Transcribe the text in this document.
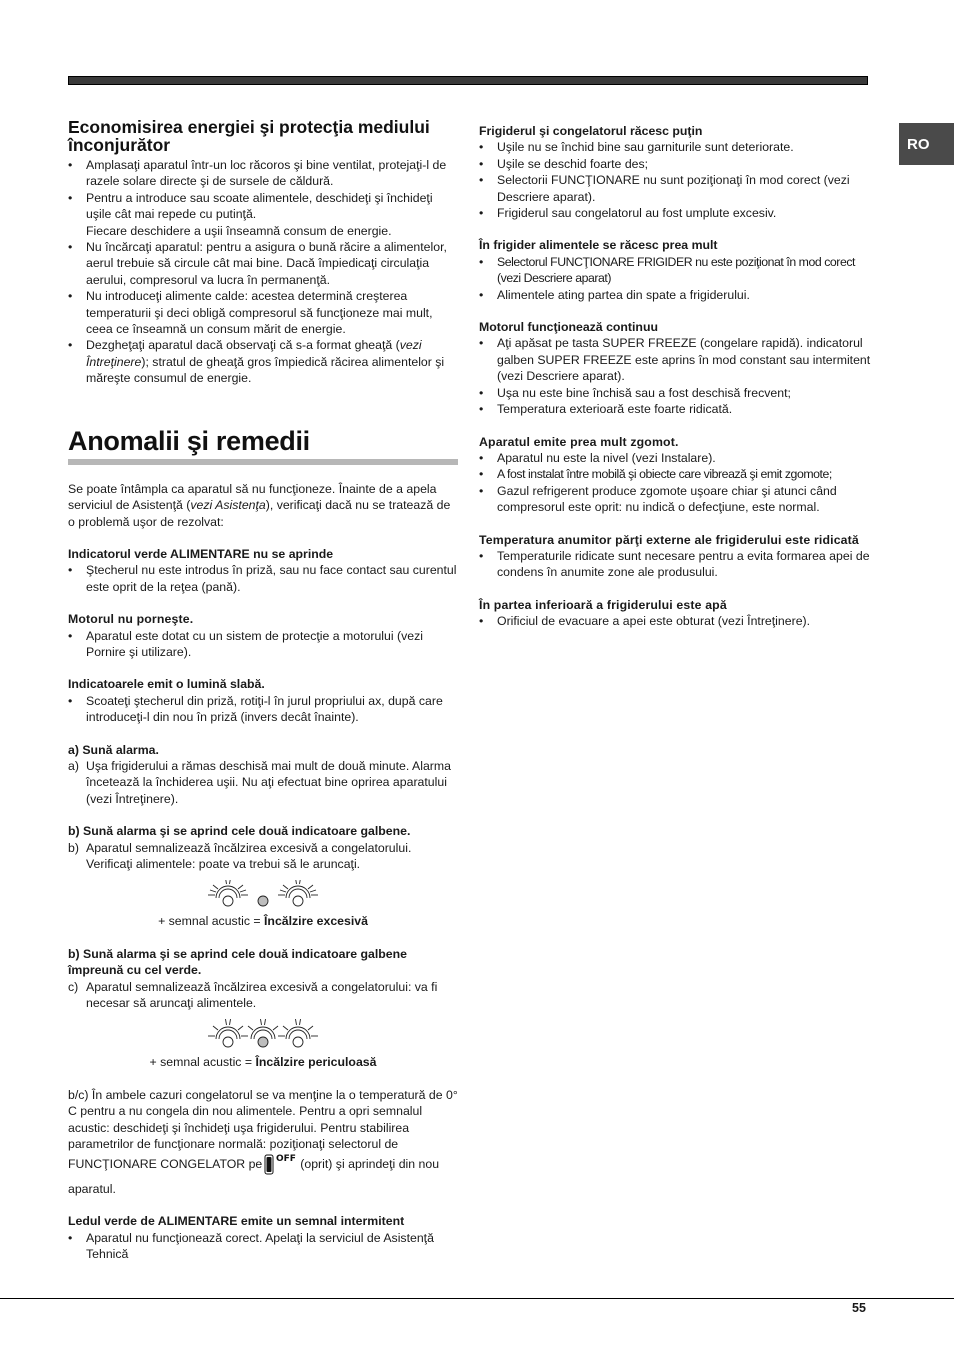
RO
Economisirea energiei şi protecţia mediului înconjurător
• Amplasaţi aparatul într-un loc răcoros şi bine ventilat, protejaţi-l de razele solare directe şi de sursele de căldură.
• Pentru a introduce sau scoate alimentele, deschideţi şi închideţi uşile cât mai repede cu putinţă.
Fiecare deschidere a uşii înseamnă consum de energie.
• Nu încărcaţi aparatul: pentru a asigura o bună răcire a alimentelor, aerul trebuie să circule cât mai bine. Dacă împiedicaţi circulaţia aerului, compresorul va lucra în permanenţă.
• Nu introduceţi alimente calde: acestea determină creşterea temperaturii şi deci obligă compresorul să funcţioneze mai mult, ceea ce înseamnă un consum mărit de energie.
• Dezgheţaţi aparatul dacă observaţi că s-a format gheaţă (vezi Întreţinere); stratul de gheaţă gros împiedică răcirea alimentelor şi măreşte consumul de energie.
Anomalii şi remedii

Se poate întâmpla ca aparatul să nu funcţioneze. Înainte de a apela serviciul de Asistenţă (vezi Asistenţa), verificaţi dacă nu se tratează de o problemă uşor de rezolvat:

Indicatorul verde ALIMENTARE nu se aprinde

• Ştecherul nu este introdus în priză, sau nu face contact sau curentul este oprit de la reţea (pană).

Motorul nu porneşte.

• Aparatul este dotat cu un sistem de protecţie a motorului (vezi Pornire şi utilizare).

Indicatoarele emit o lumină slabă.

• Scoateţi ştecherul din priză, rotiţi-l în jurul propriului ax, după care introduceţi-l din nou în priză (invers decât înainte).

a) Sună alarma.

a) Uşa frigiderului a rămas deschisă mai mult de două minute. Alarma încetează la închiderea uşii. Nu aţi efectuat bine oprirea aparatului (vezi Întreţinere).

b) Sună alarma şi se aprind cele două indicatoare galbene.

b) Aparatul semnalizează încălzirea excesivă a congelatorului. Verificaţi alimentele: poate va trebui să le aruncaţi.

+ semnal acustic = Încălzire excesivă

b) Sună alarma şi se aprind cele două indicatoare galbene împreună cu cel verde.

c) Aparatul semnalizează încălzirea excesivă a congelatorului: va fi necesar să aruncaţi alimentele.

+ semnal acustic = Încălzire periculoasă

b/c) În ambele cazuri congelatorul se va menţine la o temperatură de 0° C pentru a nu congela din nou alimentele. Pentru a opri semnalul acustic: deschideţi şi închideţi uşa frigiderului. Pentru stabilirea parametrilor de funcţionare normală: poziţionaţi selectorul de
FUNCŢIONARE CONGELATOR pe OFF (oprit) şi aprindeţi din nou aparatul.

Ledul verde de ALIMENTARE emite un semnal intermitent

• Aparatul nu funcţionează corect. Apelaţi la serviciul de Asistenţă Tehnică

Frigiderul şi congelatorul răcesc puţin

• Uşile nu se închid bine sau garniturile sunt deteriorate.
• Uşile se deschid foarte des;
• Selectorii FUNCŢIONARE nu sunt poziţionaţi în mod corect (vezi Descriere aparat).
• Frigiderul sau congelatorul au fost umplute excesiv.

În frigider alimentele se răcesc prea mult

• Selectorul FUNCŢIONARE FRIGIDER nu este poziţionat în mod corect (vezi Descriere aparat)
• Alimentele ating partea din spate a frigiderului.

Motorul funcţionează continuu

• Aţi apăsat pe tasta SUPER FREEZE (congelare rapidă). indicatorul galben SUPER FREEZE este aprins în mod constant sau intermitent (vezi Descriere aparat).
• Uşa nu este bine închisă sau a fost deschisă frecvent;
• Temperatura exterioară este foarte ridicată.

Aparatul emite prea mult zgomot.

• Aparatul nu este la nivel (vezi Instalare).
• A fost instalat între mobilă şi obiecte care vibrează şi emit zgomote;
• Gazul refrigerent produce zgomote uşoare chiar şi atunci când compresorul este oprit: nu indică o defecţiune, este normal.

Temperatura anumitor părţi externe ale frigiderului este ridicată

• Temperaturile ridicate sunt necesare pentru a evita formarea apei de condens în anumite zone ale produsului.

În partea inferioară a frigiderului este apă

• Orificiul de evacuare a apei este obturat (vezi Întreţinere).
55
